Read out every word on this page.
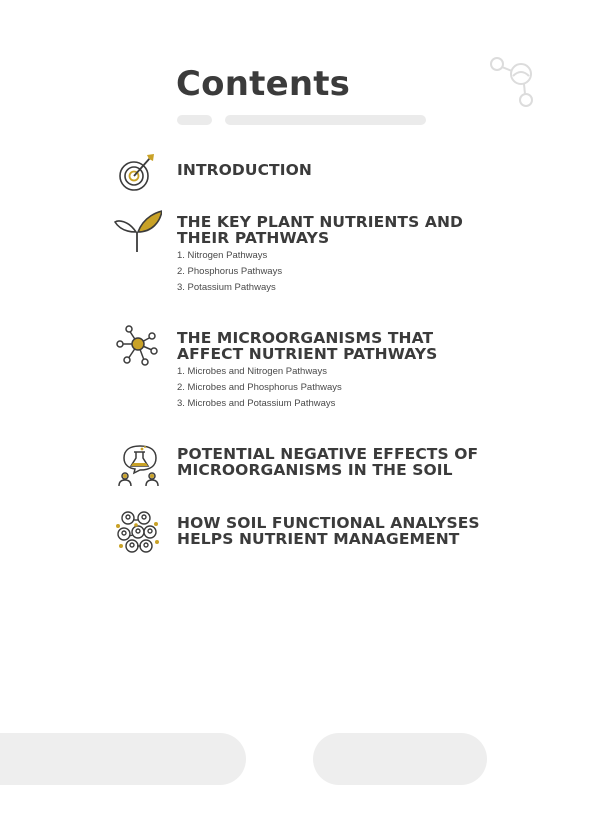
Contents
INTRODUCTION
THE KEY PLANT NUTRIENTS AND
THEIR PATHWAYS
1. Nitrogen Pathways
2. Phosphorus Pathways
3. Potassium Pathways
THE MICROORGANISMS THAT
AFFECT NUTRIENT PATHWAYS
1. Microbes and Nitrogen Pathways
2. Microbes and Phosphorus Pathways
3. Microbes and Potassium Pathways
POTENTIAL NEGATIVE EFFECTS OF
MICROORGANISMS IN THE SOIL
HOW SOIL FUNCTIONAL ANALYSES
HELPS NUTRIENT MANAGEMENT
